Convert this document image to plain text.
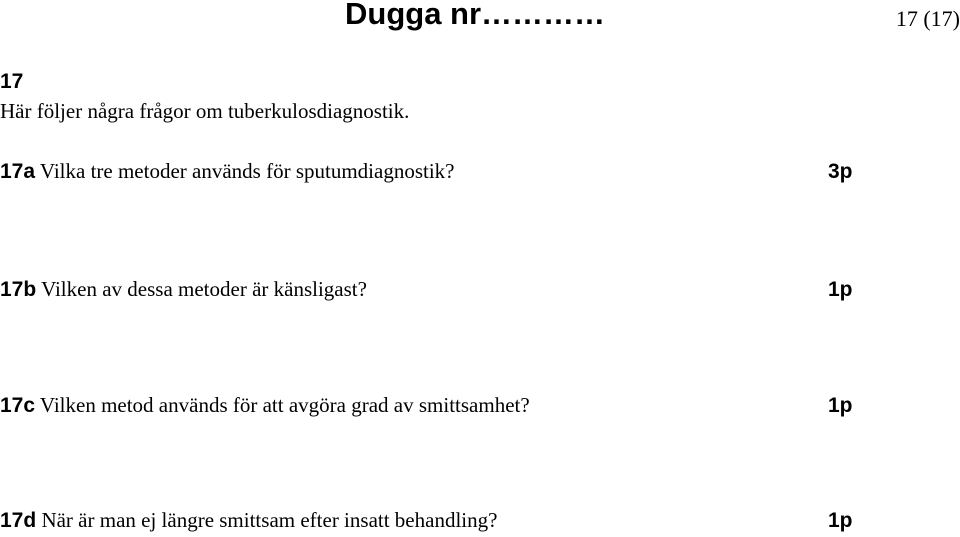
Dugga nr…………	17 (17)
17
Här följer några frågor om tuberkulosdiagnostik.
17a Vilka tre metoder används för sputumdiagnostik?	3p
17b Vilken av dessa metoder är känsligast?	1p
17c Vilken metod används för att avgöra grad av smittsamhet?	1p
17d När är man ej längre smittsam efter insatt behandling?	1p
